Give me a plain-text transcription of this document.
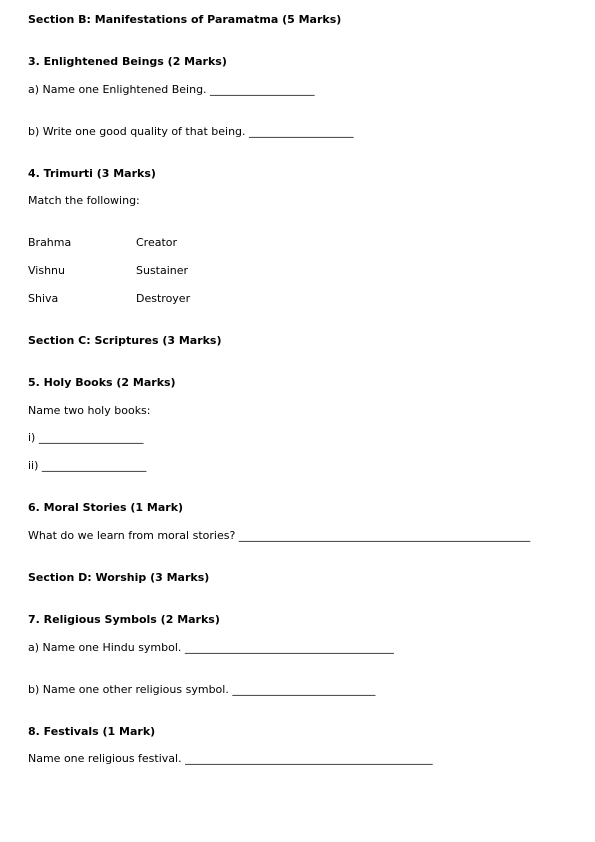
Section B: Manifestations of Paramatma (5 Marks)

3. Enlightened Beings (2 Marks)

a) Name one Enlightened Being. ___________________

b) Write one good quality of that being. ___________________

4. Trimurti (3 Marks)

Match the following:

Brahma	Creator

Vishnu	Sustainer

Shiva	Destroyer

Section C: Scriptures (3 Marks)

5. Holy Books (2 Marks)

Name two holy books:

i) ___________________

ii) ___________________

6. Moral Stories (1 Mark)

What do we learn from moral stories? _____________________________________________________

Section D: Worship (3 Marks)

7. Religious Symbols (2 Marks)

a) Name one Hindu symbol. ______________________________________

b) Name one other religious symbol. __________________________

8. Festivals (1 Mark)

Name one religious festival. _____________________________________________
